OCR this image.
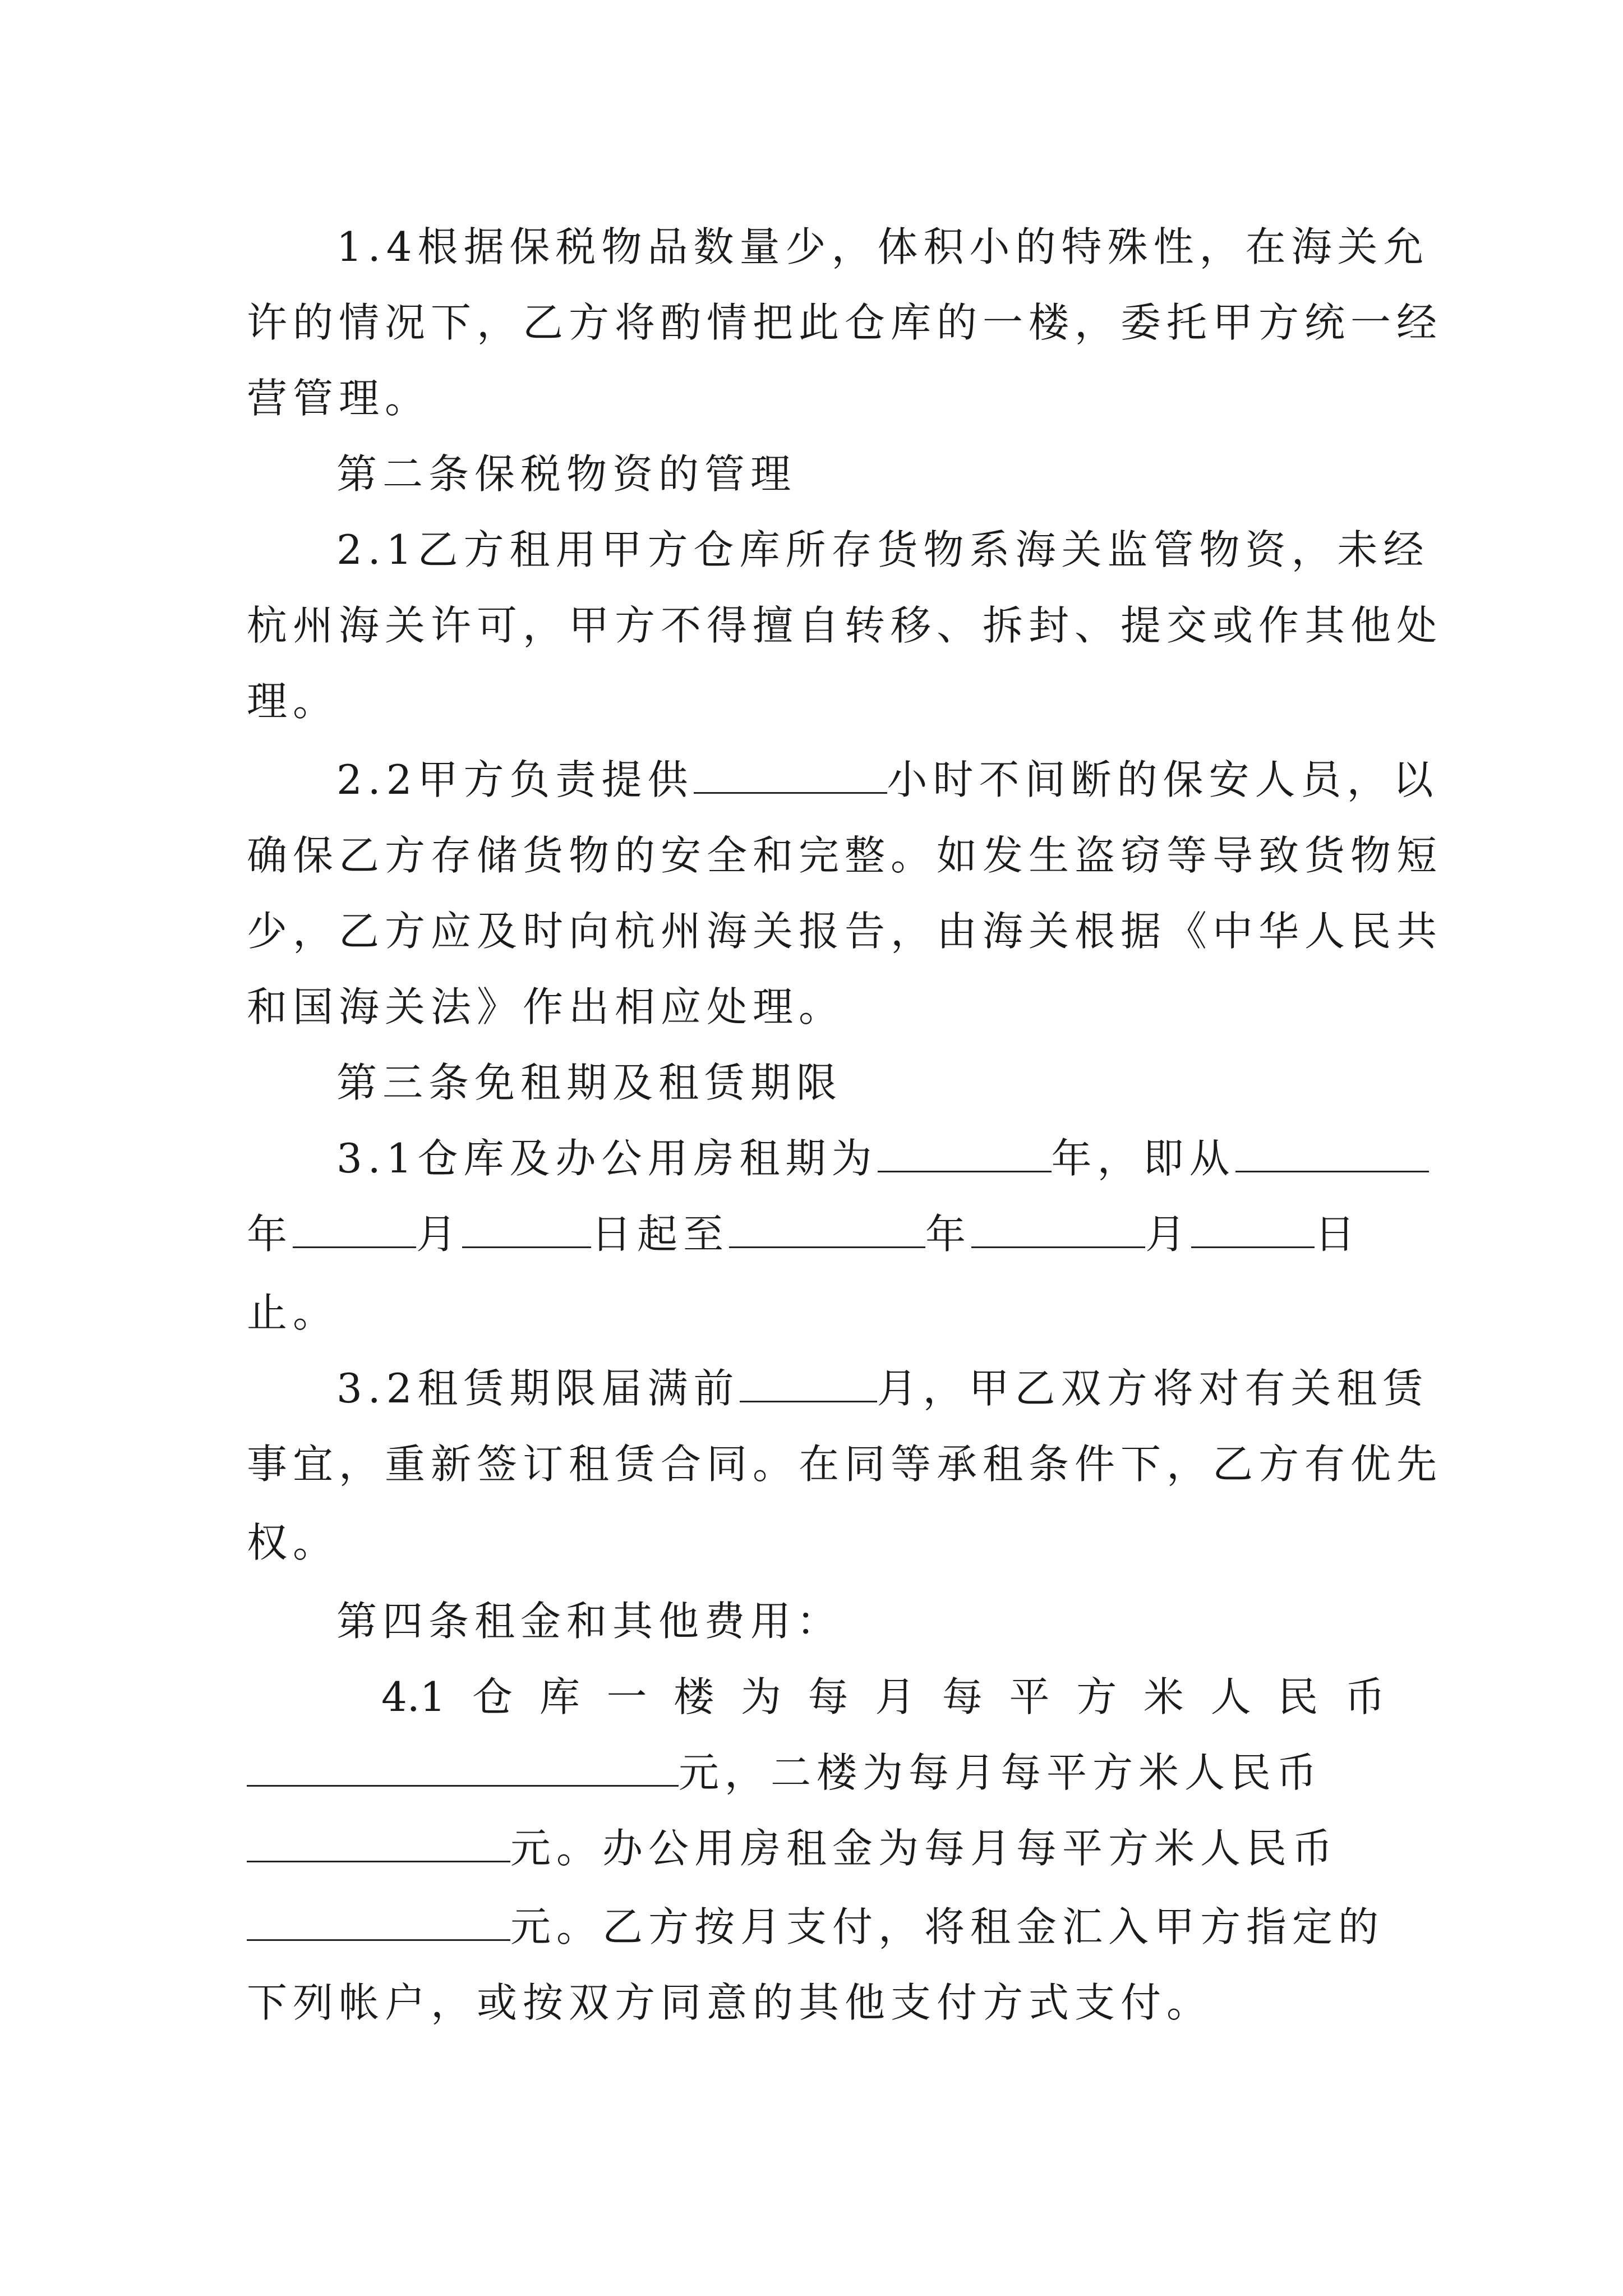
1.4根据保税物品数量少，体积小的特殊性，在海关允
许的情况下，乙方将酌情把此仓库的一楼，委托甲方统一经
营管理。
第二条保税物资的管理
2.1乙方租用甲方仓库所存货物系海关监管物资，未经
杭州海关许可，甲方不得擅自转移、拆封、提交或作其他处
理。
2.2甲方负责提供	小时不间断的保安人员，以
确保乙方存储货物的安全和完整。如发生盗窃等导致货物短
少，乙方应及时向杭州海关报告，由海关根据《中华人民共
和国海关法》作出相应处理。
第三条免租期及租赁期限
3.1仓库及办公用房租期为	年，即从
年	月	日起至	年	月	日
止。
3.2租赁期限届满前	月，甲乙双方将对有关租赁
事宜，重新签订租赁合同。在同等承租条件下，乙方有优先
权。
第四条租金和其他费用：
4.1 仓 库 一 楼 为 每 月 每 平 方 米 人 民 币
元，二楼为每月每平方米人民币
元。办公用房租金为每月每平方米人民币
元。乙方按月支付，将租金汇入甲方指定的
下列帐户，或按双方同意的其他支付方式支付。
